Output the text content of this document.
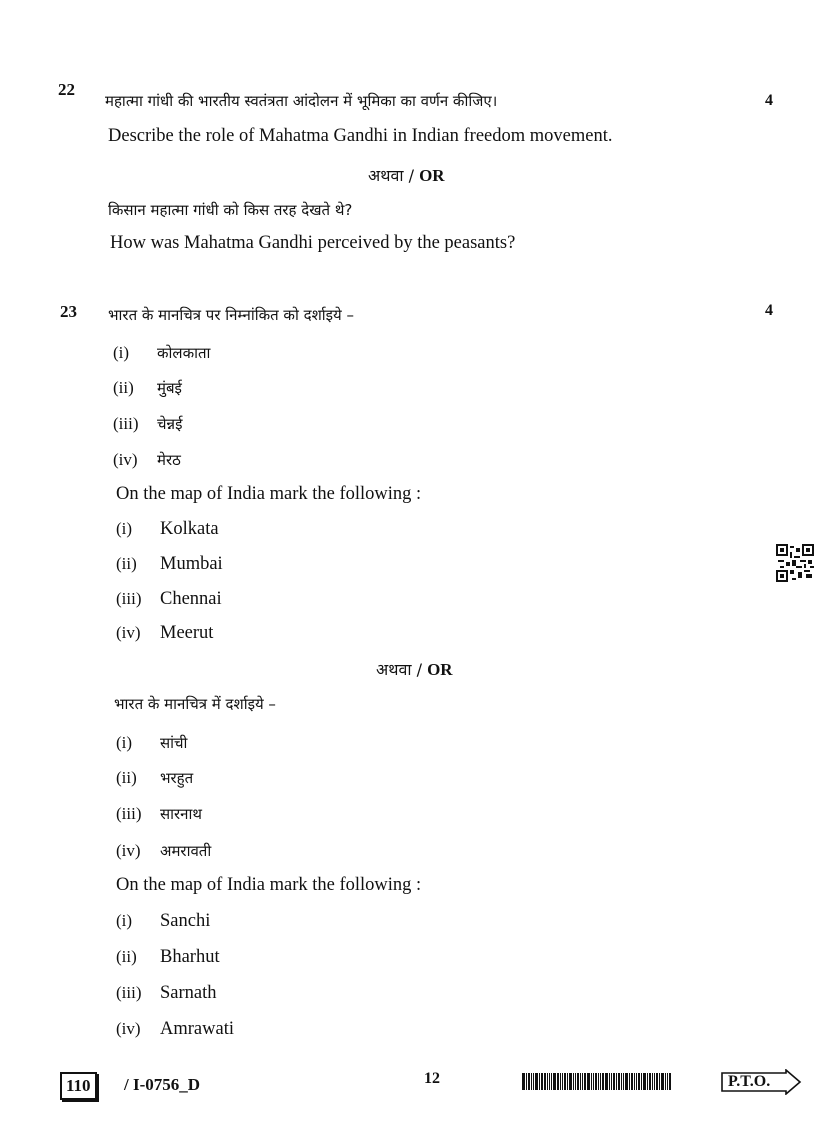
22
4
महात्मा गांधी की भारतीय स्वतंत्रता आंदोलन में भूमिका का वर्णन कीजिए।
Describe the role of Mahatma Gandhi in Indian freedom movement.
अथवा / OR
किसान महात्मा गांधी को किस तरह देखते थे?
How was Mahatma Gandhi perceived by the peasants?
23	4
भारत के मानचित्र पर निम्नांकित को दर्शाइये –
(i) कोलकाता
(ii) मुंबई
(iii) चेन्नई
(iv) मेरठ
On the map of India mark the following :
(i) Kolkata
(ii) Mumbai
(iii) Chennai
(iv) Meerut
अथवा / OR
भारत के मानचित्र में दर्शाइये –
(i) सांची
(ii) भरहुत
(iii) सारनाथ
(iv) अमरावती
On the map of India mark the following :
(i) Sanchi
(ii) Bharhut
(iii) Sarnath
(iv) Amrawati
110	/ I-0756_D	12	P.T.O.
